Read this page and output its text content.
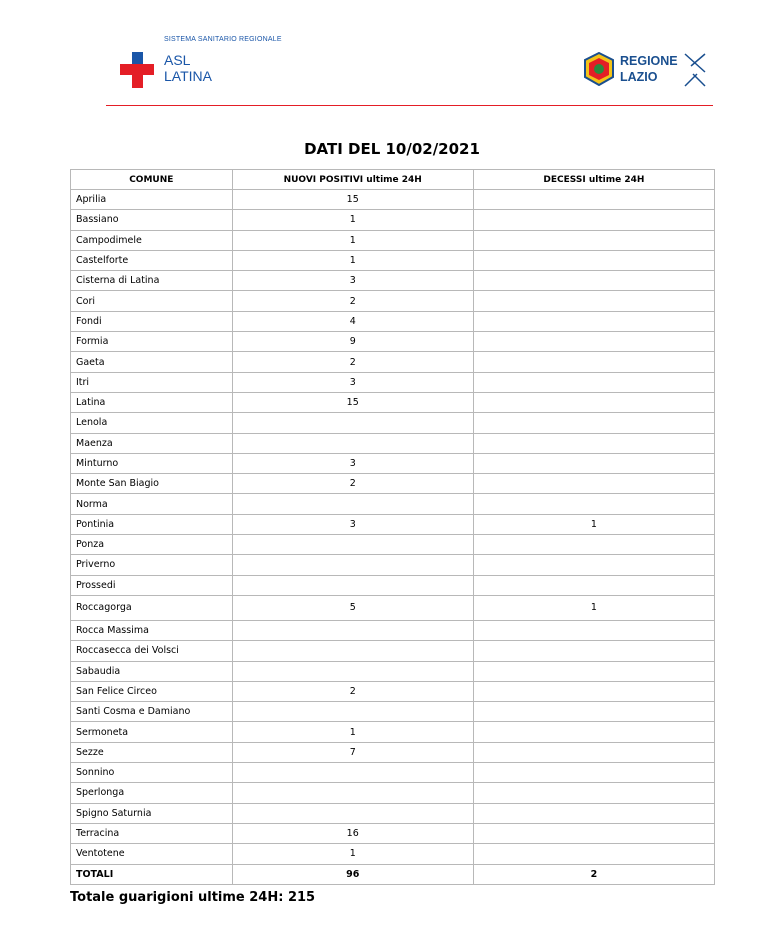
SISTEMA SANITARIO REGIONALE
ASL
LATINA
REGIONE
LAZIO
DATI DEL 10/02/2021
COMUNE	NUOVI POSITIVI ultime 24H	DECESSI ultime 24H
Aprilia	15	
Bassiano	1	
Campodimele	1	
Castelforte	1	
Cisterna di Latina	3	
Cori	2	
Fondi	4	
Formia	9	
Gaeta	2	
Itri	3	
Latina	15	
Lenola		
Maenza		
Minturno	3	
Monte San Biagio	2	
Norma		
Pontinia	3	1
Ponza		
Priverno		
Prossedi		
Roccagorga	5	1
Rocca Massima		
Roccasecca dei Volsci		
Sabaudia		
San Felice Circeo	2	
Santi Cosma e Damiano		
Sermoneta	1	
Sezze	7	
Sonnino		
Sperlonga		
Spigno Saturnia		
Terracina	16	
Ventotene	1	
TOTALI	96	2
Totale guarigioni ultime 24H: 215
